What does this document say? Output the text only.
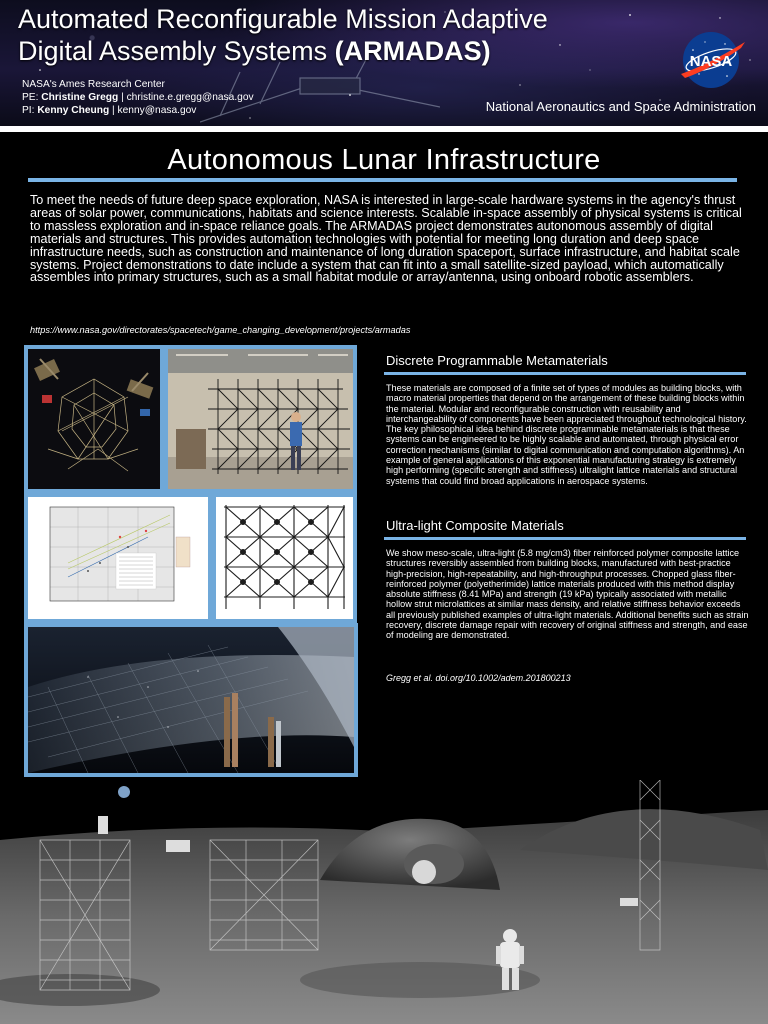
Automated Reconfigurable Mission Adaptive
Digital Assembly Systems (ARMADAS)
NASA's Ames Research Center
PE: Christine Gregg | christine.e.gregg@nasa.gov
PI: Kenny Cheung | kenny@nasa.gov
NASA
National Aeronautics and Space Administration
Autonomous Lunar Infrastructure

To meet the needs of future deep space exploration, NASA is interested in large-scale hardware systems in the agency's thrust areas of solar power, communications, habitats and science interests. Scalable in-space assembly of physical systems is critical to massless exploration and in-space reliance goals. The ARMADAS project demonstrates autonomous assembly of digital materials and structures. This provides automation technologies with potential for meeting long duration and deep space infrastructure needs, such as construction and maintenance of long duration spaceport, surface infrastructure, and habitat scale systems. Project demonstrations to date include a system that can fit into a small satellite-sized payload, which automatically assembles into primary structures, such as a small habitat module or array/antenna, using onboard robotic assemblers.

https://www.nasa.gov/directorates/spacetech/game_changing_development/projects/armadas
Discrete Programmable Metamaterials

These materials are composed of a finite set of types of modules as building blocks, with macro material properties that depend on the arrangement of these building blocks within the material. Modular and reconfigurable construction with reusability and interchangeability of components have been appreciated throughout technological history. The key philosophical idea behind discrete programmable metamaterials is that these systems can be engineered to be highly scalable and automated, through physical error correction mechanisms (similar to digital communication and computation algorithms). An example of general applications of this exponential manufacturing strategy is extremely high performing (specific strength and stiffness) ultralight lattice materials and structural systems that could find broad applications in aerospace systems.

Ultra-light Composite Materials

We show meso-scale, ultra-light (5.8 mg/cm3) fiber reinforced polymer composite lattice structures reversibly assembled from building blocks, manufactured with best-practice high-precision, high-repeatability, and high-throughput processes. Chopped glass fiber-reinforced polymer (polyetherimide) lattice materials produced with this method display absolute stiffness (8.41 MPa) and strength (19 kPa) typically associated with metallic hollow strut microlattices at similar mass density, and relative stiffness behavior exceeds all previously published examples of ultra-light materials. Additional benefits such as strain recovery, discrete damage repair with recovery of original stiffness and strength, and ease of modeling are demonstrated.

Gregg et al. doi.org/10.1002/adem.201800213
